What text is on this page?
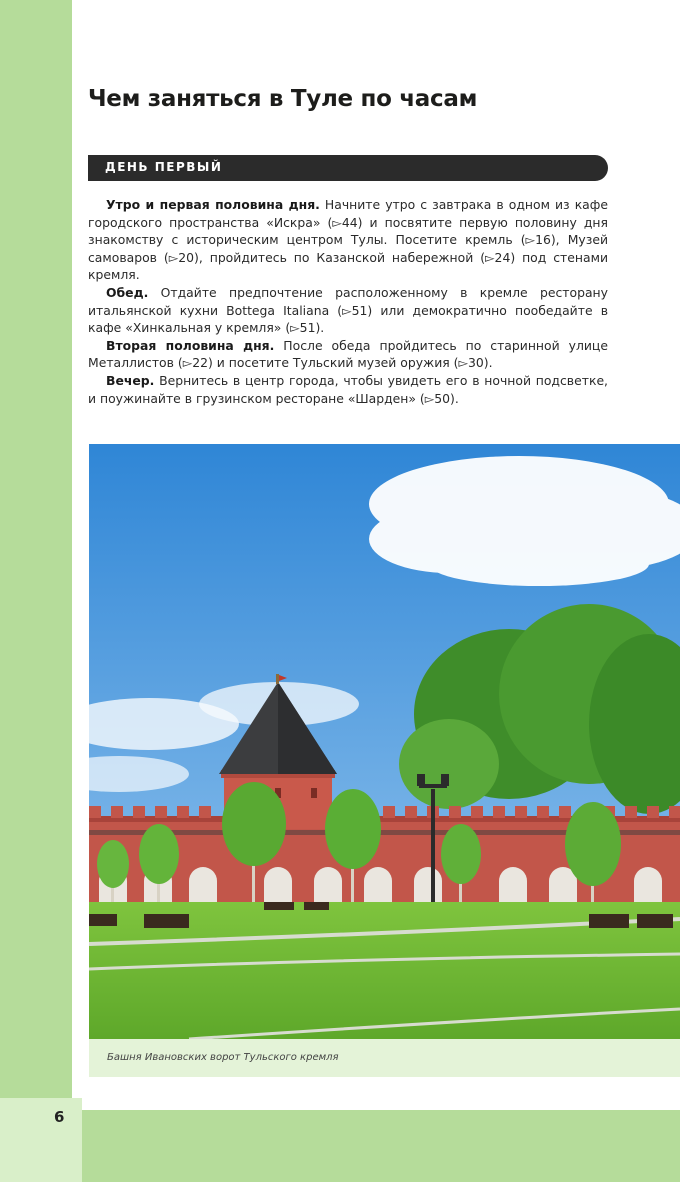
6
Чем заняться в Туле по часам
ДЕНЬ ПЕРВЫЙ

Утро и первая половина дня. Начните утро с завтрака в одном из кафе городского пространства «Искра» (▻44) и посвятите первую половину дня знакомству с историческим центром Тулы. Посетите кремль (▻16), Музей самоваров (▻20), пройдитесь по Казанской набережной (▻24) под стенами кремля.

Обед. Отдайте предпочтение расположенному в кремле ресторану итальянской кухни Bottega Italiana (▻51) или демократично пообедайте в кафе «Хинкальная у кремля» (▻51).

Вторая половина дня. После обеда пройдитесь по старинной улице Металлистов (▻22) и посетите Тульский музей оружия (▻30).

Вечер. Вернитесь в центр города, чтобы увидеть его в ночной подсветке, и поужинайте в грузинском ресторане «Шарден» (▻50).

Башня Ивановских ворот Тульского кремля
